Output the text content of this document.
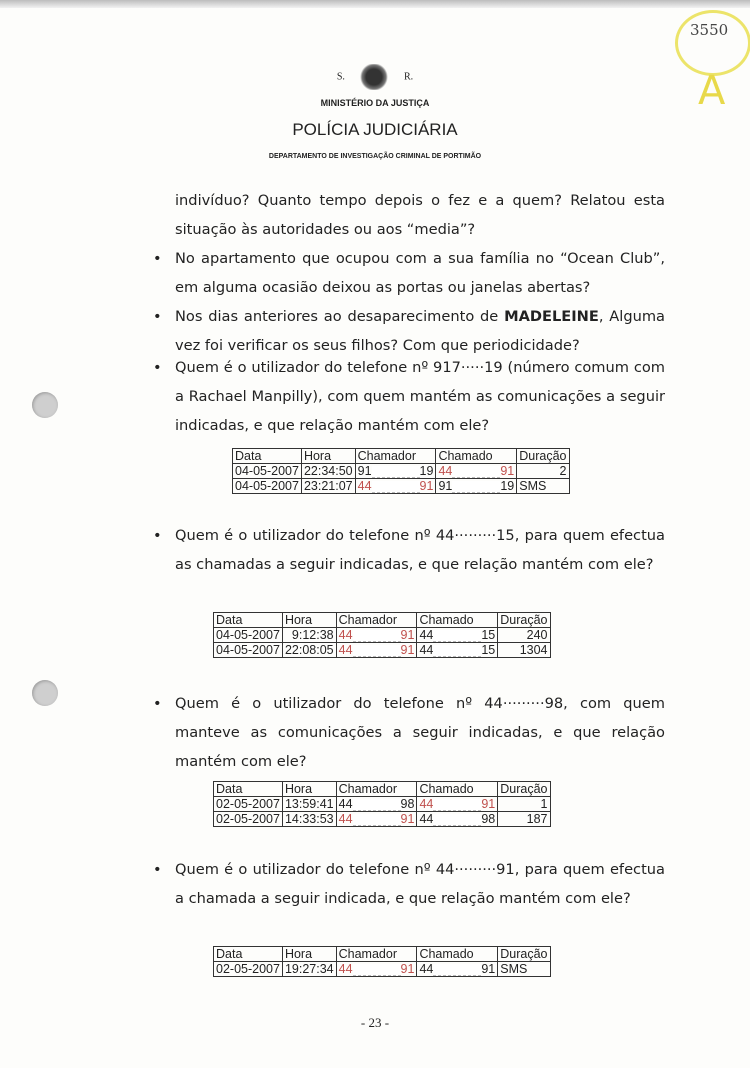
3550
A
S.	R.
MINISTÉRIO DA JUSTIÇA
POLÍCIA JUDICIÁRIA
DEPARTAMENTO DE INVESTIGAÇÃO CRIMINAL DE PORTIMÃO
indivíduo? Quanto tempo depois o fez e a quem? Relatou esta situação às autoridades ou aos “media”?
• No apartamento que ocupou com a sua família no “Ocean Club”, em alguma ocasião deixou as portas ou janelas abertas?
• Nos dias anteriores ao desaparecimento de MADELEINE, Alguma vez foi verificar os seus filhos? Com que periodicidade?
• Quem é o utilizador do telefone nº 917·····19 (número comum com a Rachael Manpilly), com quem mantém as comunicações a seguir indicadas, e que relação mantém com ele?
• Quem é o utilizador do telefone nº 44·········15, para quem efectua as chamadas a seguir indicadas, e que relação mantém com ele?
• Quem é o utilizador do telefone nº 44·········98, com quem manteve as comunicações a seguir indicadas, e que relação mantém com ele?
• Quem é o utilizador do telefone nº 44·········91, para quem efectua a chamada a seguir indicada, e que relação mantém com ele?
Data	Hora	Chamador	Chamado	Duração
04-05-2007	22:34:50	91 19	44 91	2
04-05-2007	23:21:07	44 91	91 19	SMS
Data	Hora	Chamador	Chamado	Duração
04-05-2007	9:12:38	44 91	44 15	240
04-05-2007	22:08:05	44 91	44 15	1304
Data	Hora	Chamador	Chamado	Duração
02-05-2007	13:59:41	44 98	44 91	1
02-05-2007	14:33:53	44 91	44 98	187
Data	Hora	Chamador	Chamado	Duração
02-05-2007	19:27:34	44 91	44 91	SMS
- 23 -
